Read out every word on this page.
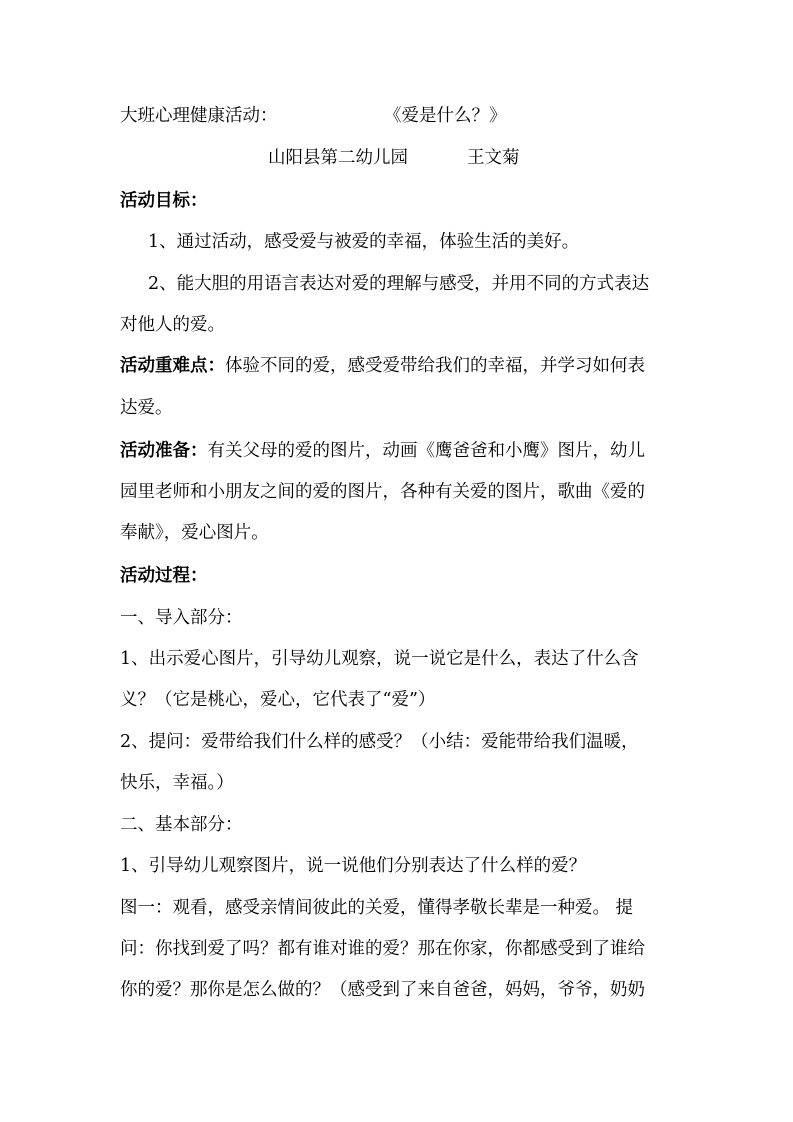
大班心理健康活动：	《爱是什么？》
山阳县第二幼儿园	王文菊
活动目标：
1、通过活动，感受爱与被爱的幸福，体验生活的美好。
2、能大胆的用语言表达对爱的理解与感受，并用不同的方式表达
对他人的爱。
活动重难点：体验不同的爱，感受爱带给我们的幸福，并学习如何表
达爱。
活动准备：有关父母的爱的图片，动画《鹰爸爸和小鹰》图片，幼儿
园里老师和小朋友之间的爱的图片，各种有关爱的图片，歌曲《爱的
奉献》，爱心图片。
活动过程：
一、导入部分：
1、出示爱心图片，引导幼儿观察，说一说它是什么，表达了什么含
义？（它是桃心，爱心，它代表了“爱”）
2、提问：爱带给我们什么样的感受？（小结：爱能带给我们温暖，
快乐，幸福。）
二、基本部分：
1、引导幼儿观察图片，说一说他们分别表达了什么样的爱？
图一：观看，感受亲情间彼此的关爱，懂得孝敬长辈是一种爱。 提
问：你找到爱了吗？都有谁对谁的爱？那在你家，你都感受到了谁给
你的爱？那你是怎么做的？（感受到了来自爸爸，妈妈，爷爷，奶奶
